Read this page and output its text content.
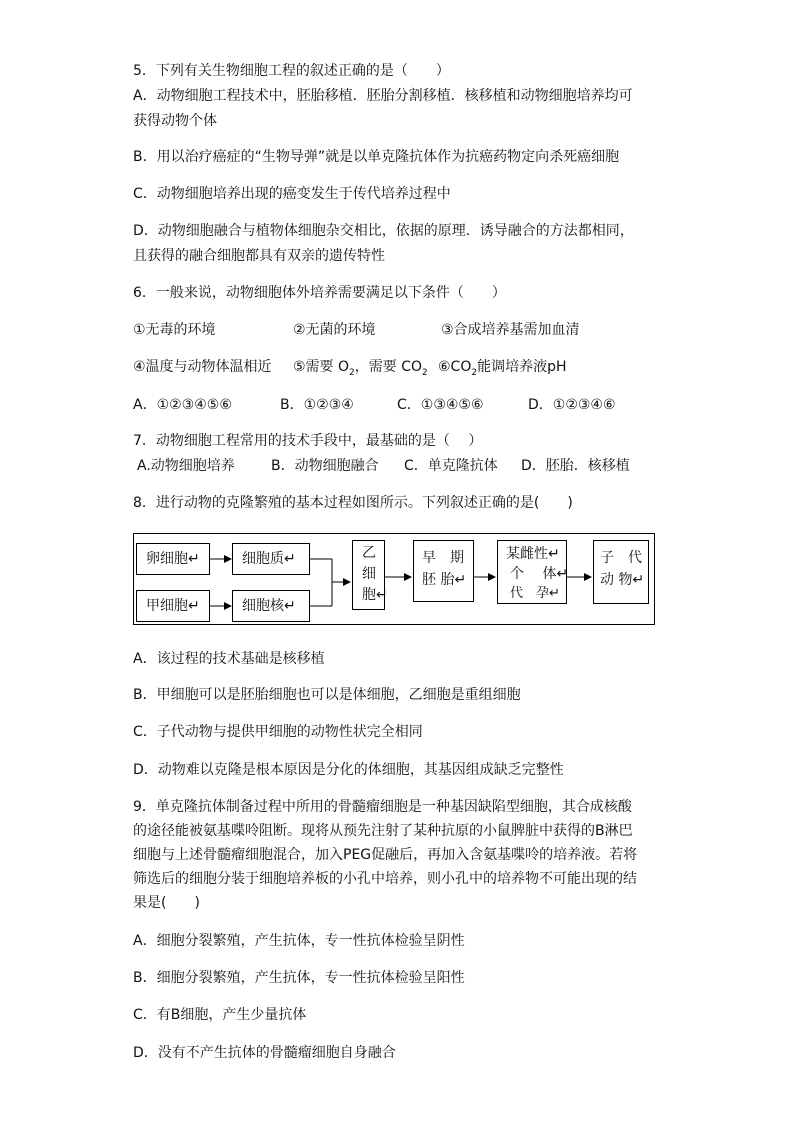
5．下列有关生物细胞工程的叙述正确的是（　　）
A．动物细胞工程技术中，胚胎移植．胚胎分割移植．核移植和动物细胞培养均可
获得动物个体
B．用以治疗癌症的“生物导弹”就是以单克隆抗体作为抗癌药物定向杀死癌细胞
C．动物细胞培养出现的癌变发生于传代培养过程中
D．动物细胞融合与植物体细胞杂交相比，依据的原理．诱导融合的方法都相同，
且获得的融合细胞都具有双亲的遗传特性
6．一般来说，动物细胞体外培养需要满足以下条件（　　）
①无毒的环境	②无菌的环境	③合成培养基需加血清
④温度与动物体温相近 ⑤需要 $O_2$，需要 $CO_2$ $⑥CO_2$能调培养液pH
A．①②③④⑤⑥	B．①②③④	C．①③④⑤⑥	D．①②③④⑥
7．动物细胞工程常用的技术手段中，最基础的是（　 ）
A.动物细胞培养	B．动物细胞融合 C．单克隆抗体 D．胚胎．核移植
8．进行动物的克隆繁殖的基本过程如图所示。下列叙述正确的是(　　)
卵细胞↵	细胞质↵
甲细胞↵	细胞核↵
乙
细
胞↵
早　期
胚 胎↵
某雌性↵
个 　体↵
代　孕↵
子　代
动 物↵
A．该过程的技术基础是核移植
B．甲细胞可以是胚胎细胞也可以是体细胞，乙细胞是重组细胞
C．子代动物与提供甲细胞的动物性状完全相同
D．动物难以克隆是根本原因是分化的体细胞，其基因组成缺乏完整性
9．单克隆抗体制备过程中所用的骨髓瘤细胞是一种基因缺陷型细胞，其合成核酸
的途径能被氨基喋呤阻断。现将从预先注射了某种抗原的小鼠脾脏中获得的B淋巴
细胞与上述骨髓瘤细胞混合，加入PEG促融后，再加入含氨基喋呤的培养液。若将
筛选后的细胞分装于细胞培养板的小孔中培养，则小孔中的培养物不可能出现的结
果是(　　)
A．细胞分裂繁殖，产生抗体，专一性抗体检验呈阴性
B．细胞分裂繁殖，产生抗体，专一性抗体检验呈阳性
C．有B细胞，产生少量抗体
D．没有不产生抗体的骨髓瘤细胞自身融合
